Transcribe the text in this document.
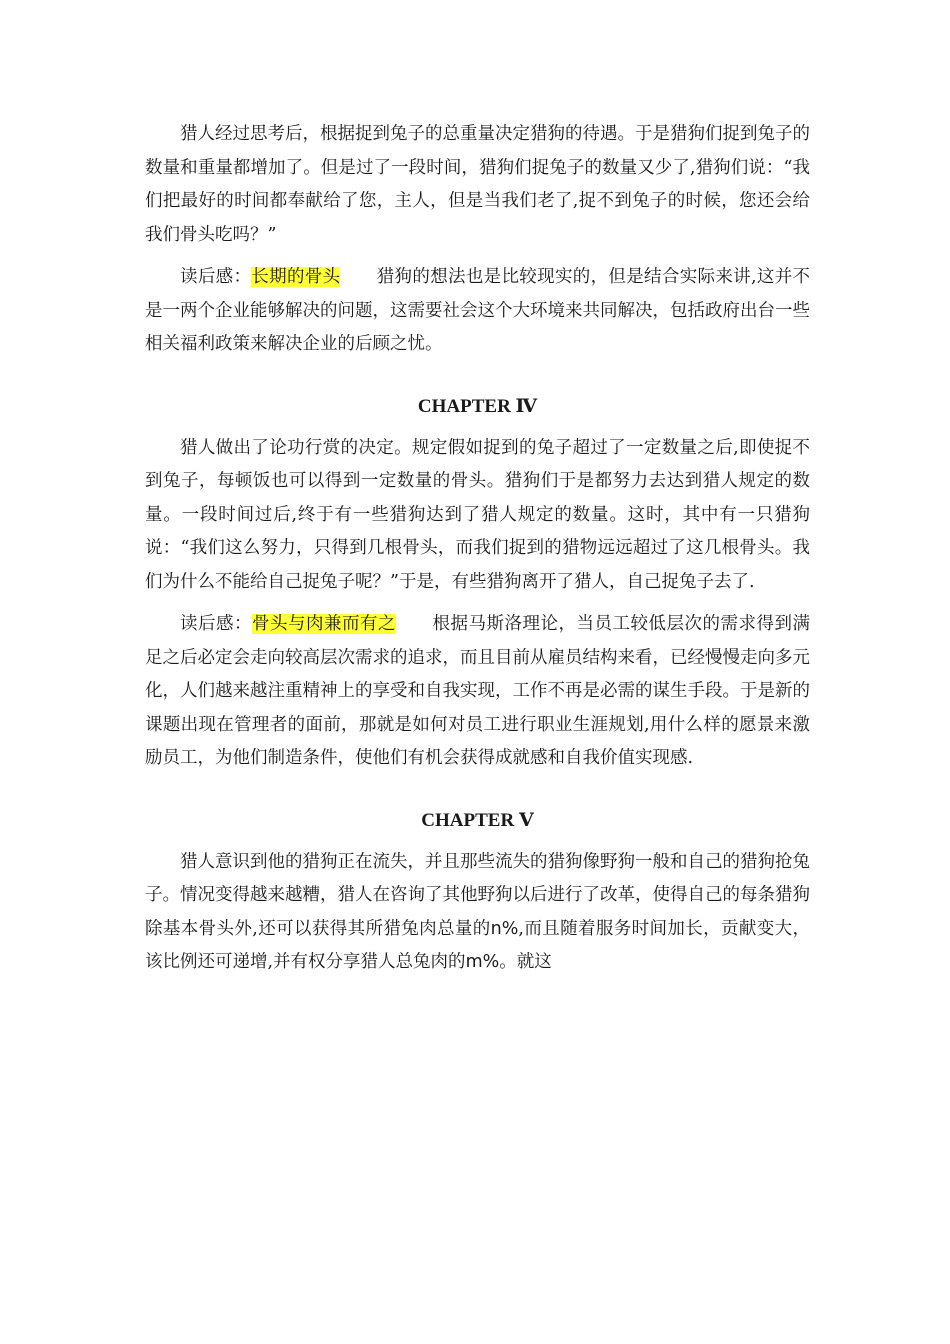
猎人经过思考后，根据捉到兔子的总重量决定猎狗的待遇。于是猎狗们捉到兔子的数量和重量都增加了。但是过了一段时间，猎狗们捉兔子的数量又少了,猎狗们说：“我们把最好的时间都奉献给了您，主人，但是当我们老了,捉不到兔子的时候，您还会给我们骨头吃吗？”

读后感：长期的骨头 猎狗的想法也是比较现实的，但是结合实际来讲,这并不是一两个企业能够解决的问题，这需要社会这个大环境来共同解决，包括政府出台一些相关福利政策来解决企业的后顾之忧。

CHAPTER Ⅳ

猎人做出了论功行赏的决定。规定假如捉到的兔子超过了一定数量之后,即使捉不到兔子，每顿饭也可以得到一定数量的骨头。猎狗们于是都努力去达到猎人规定的数量。一段时间过后,终于有一些猎狗达到了猎人规定的数量。这时，其中有一只猎狗说：“我们这么努力，只得到几根骨头，而我们捉到的猎物远远超过了这几根骨头。我们为什么不能给自己捉兔子呢？”于是，有些猎狗离开了猎人，自己捉兔子去了.

读后感：骨头与肉兼而有之 根据马斯洛理论，当员工较低层次的需求得到满足之后必定会走向较高层次需求的追求，而且目前从雇员结构来看，已经慢慢走向多元化，人们越来越注重精神上的享受和自我实现，工作不再是必需的谋生手段。于是新的课题出现在管理者的面前，那就是如何对员工进行职业生涯规划,用什么样的愿景来激励员工，为他们制造条件，使他们有机会获得成就感和自我价值实现感.

CHAPTER Ⅴ

猎人意识到他的猎狗正在流失，并且那些流失的猎狗像野狗一般和自己的猎狗抢兔子。情况变得越来越糟，猎人在咨询了其他野狗以后进行了改革，使得自己的每条猎狗除基本骨头外,还可以获得其所猎兔肉总量的n%,而且随着服务时间加长，贡献变大，该比例还可递增,并有权分享猎人总兔肉的m%。就这
